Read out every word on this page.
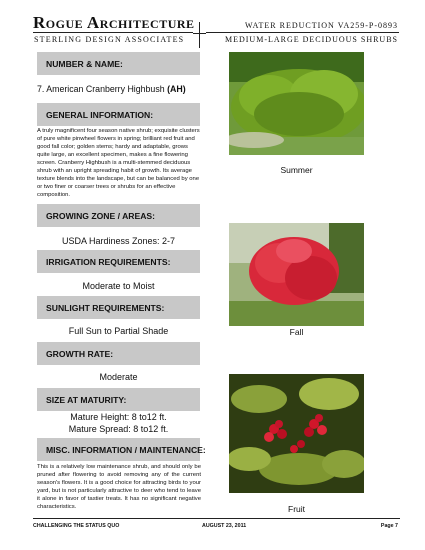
Rogue Architecture
STERLING DESIGN ASSOCIATES
WATER REDUCTION VA259-P-0893
MEDIUM-LARGE DECIDUOUS SHRUBS
NUMBER & NAME:
7. American Cranberry Highbush (AH)
GENERAL INFORMATION:
A truly magnificent four season native shrub; exquisite clusters of pure white pinwheel flowers in spring; brilliant red fruit and good fall color; golden stems; hardy and adaptable, grows quite large, an excellent specimen, makes a fine flowering screen. Cranberry Highbush is a multi-stemmed deciduous shrub with an upright spreading habit of growth. Its average texture blends into the landscape, but can be balanced by one or two finer or coarser trees or shrubs for an effective composition.
GROWING ZONE / AREAS:
USDA Hardiness Zones: 2-7
IRRIGATION REQUIREMENTS:
Moderate to Moist
SUNLIGHT REQUIREMENTS:
Full Sun to Partial Shade
GROWTH RATE:
Moderate
SIZE AT MATURITY:
Mature Height: 8 to12 ft.
Mature Spread: 8 to12 ft.
MISC. INFORMATION / MAINTENANCE:
This is a relatively low maintenance shrub, and should only be pruned after flowering to avoid removing any of the current season's flowers. It is a good choice for attracting birds to your yard, but is not particularly attractive to deer who tend to leave it alone in favor of tastier treats. It has no significant negative characteristics.
Summer
Fall
Fruit
CHALLENGING THE STATUS QUO	AUGUST 23, 2011	Page 7
